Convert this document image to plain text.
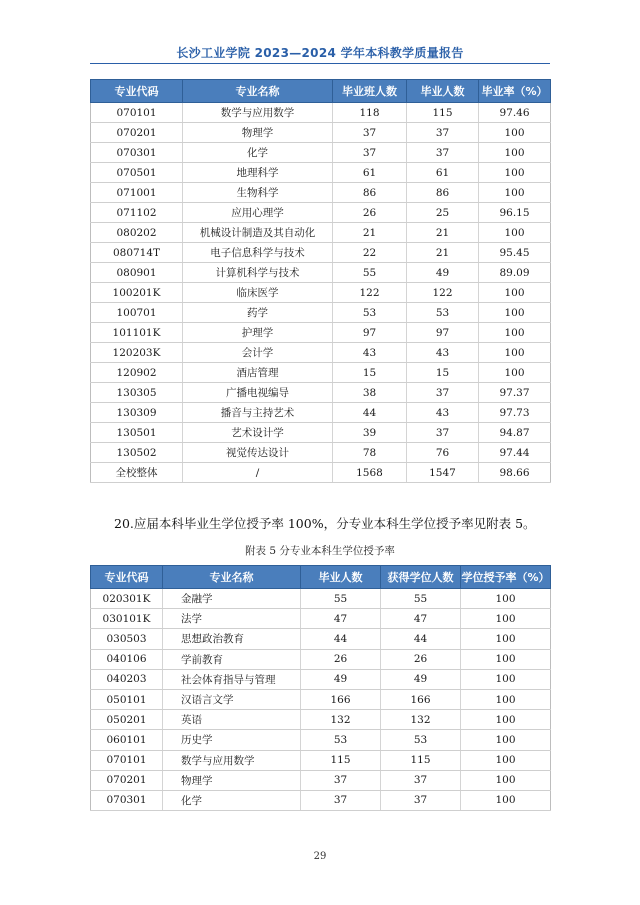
长沙工业学院 2023—2024 学年本科教学质量报告
专业代码	专业名称	毕业班人数	毕业人数	毕业率（%）
070101	数学与应用数学	118	115	97.46
070201	物理学	37	37	100
070301	化学	37	37	100
070501	地理科学	61	61	100
071001	生物科学	86	86	100
071102	应用心理学	26	25	96.15
080202	机械设计制造及其自动化	21	21	100
080714T	电子信息科学与技术	22	21	95.45
080901	计算机科学与技术	55	49	89.09
100201K	临床医学	122	122	100
100701	药学	53	53	100
101101K	护理学	97	97	100
120203K	会计学	43	43	100
120902	酒店管理	15	15	100
130305	广播电视编导	38	37	97.37
130309	播音与主持艺术	44	43	97.73
130501	艺术设计学	39	37	94.87
130502	视觉传达设计	78	76	97.44
全校整体	/	1568	1547	98.66
20.应届本科毕业生学位授予率 100%，分专业本科生学位授予率见附表 5。
附表 5 分专业本科生学位授予率
专业代码	专业名称	毕业人数	获得学位人数	学位授予率（%）
020301K	金融学	55	55	100
030101K	法学	47	47	100
030503	思想政治教育	44	44	100
040106	学前教育	26	26	100
040203	社会体育指导与管理	49	49	100
050101	汉语言文学	166	166	100
050201	英语	132	132	100
060101	历史学	53	53	100
070101	数学与应用数学	115	115	100
070201	物理学	37	37	100
070301	化学	37	37	100
29
